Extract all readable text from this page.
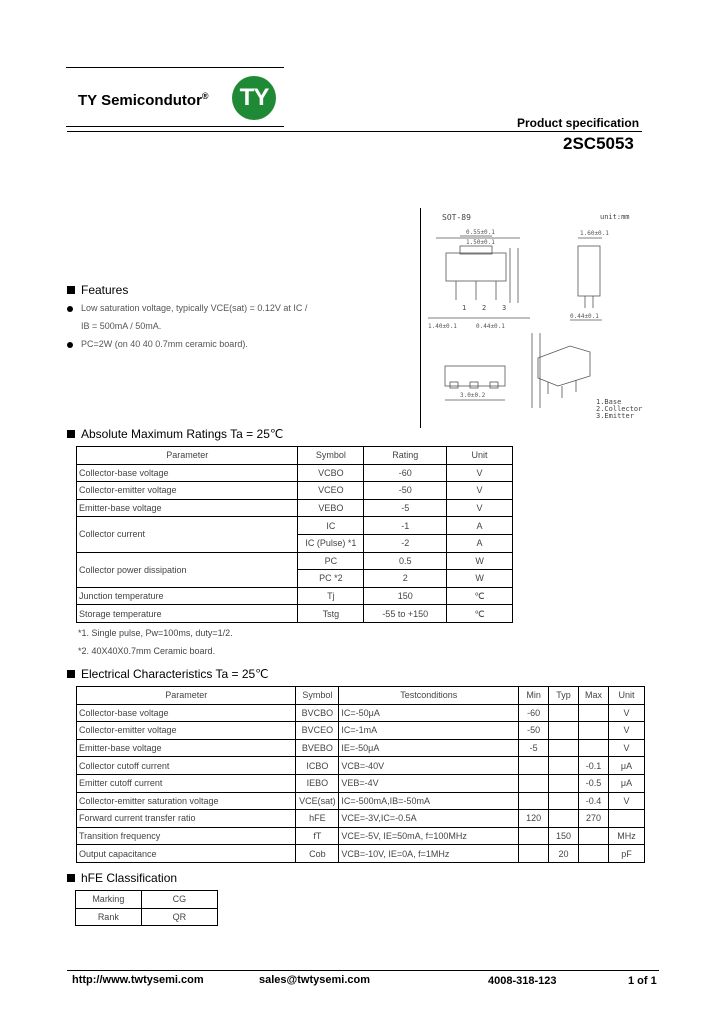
TY Semicondutor®	TY
Product specification
2SC5053
SOT-89	unit:mm
0.55±0.1
1.50±0.1
1.60±0.1
1.40±0.1	0.44±0.1
0.44±0.1
3.0±0.2
1 2 3
1.Base
2.Collector
3.Emitter
Features
Low saturation voltage, typically VCE(sat) = 0.12V at IC /
IB = 500mA / 50mA.
PC=2W (on 40 40 0.7mm ceramic board).
Absolute Maximum Ratings Ta = 25℃
Parameter	Symbol	Rating	Unit
Collector-base voltage	VCBO	-60	V
Collector-emitter voltage	VCEO	-50	V
Emitter-base voltage	VEBO	-5	V
Collector current	IC	-1	A
	IC (Pulse) *1	-2	A
Collector power dissipation	PC	0.5	W
	PC *2	2	W
Junction temperature	Tj	150	℃
Storage temperature	Tstg	-55 to +150	℃
*1. Single pulse, Pw=100ms, duty=1/2.
*2. 40X40X0.7mm Ceramic board.
Electrical Characteristics Ta = 25℃
Parameter	Symbol	Testconditions	Min	Typ	Max	Unit
Collector-base voltage	BVCBO	IC=-50μA	-60			V
Collector-emitter voltage	BVCEO	IC=-1mA	-50			V
Emitter-base voltage	BVEBO	IE=-50μA	-5			V
Collector cutoff current	ICBO	VCB=-40V			-0.1	μA
Emitter cutoff current	IEBO	VEB=-4V			-0.5	μA
Collector-emitter saturation voltage	VCE(sat)	IC=-500mA,IB=-50mA			-0.4	V
Forward current transfer ratio	hFE	VCE=-3V,IC=-0.5A	120		270	
Transition frequency	fT	VCE=-5V, IE=50mA, f=100MHz		150		MHz
Output capacitance	Cob	VCB=-10V, IE=0A, f=1MHz		20		pF
hFE Classification
Marking	CG
Rank	QR
http://www.twtysemi.com	sales@twtysemi.com	4008-318-123	1 of 1
